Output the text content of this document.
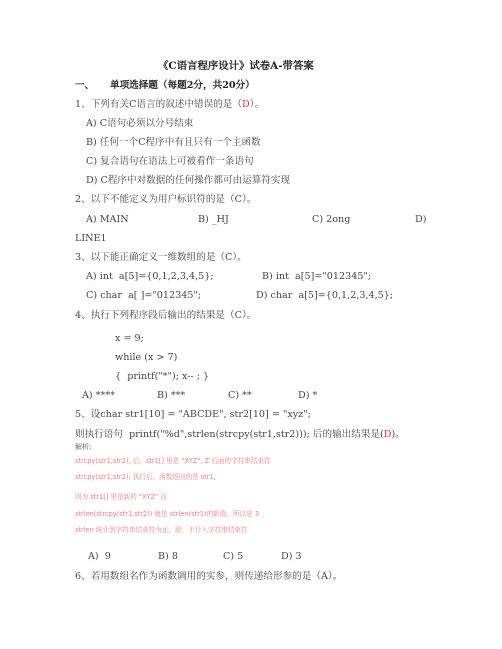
《C语言程序设计》试卷A-带答案
一、 单项选择题（每题2分，共20分）
1、下列有关C语言的叙述中错误的是（D）。
A) C语句必须以分号结束
B) 任何一个C程序中有且只有一个主函数
C) 复合语句在语法上可被看作一条语句
D) C程序中对数据的任何操作都可由运算符实现
2、以下不能定义为用户标识符的是（C）。
A) MAIN	B) _HJ	C) 2ong	D)
LINE1
3、以下能正确定义一维数组的是（C）。
A) int  a[5]={0,1,2,3,4,5};	B) int  a[5]="012345";
C) char  a[ ]="012345";	D) char  a[5]={0,1,2,3,4,5};
4、执行下列程序段后输出的结果是（C）。
x = 9;
while (x > 7)
{  printf("*"); x-- ; }
A) ****	B) ***	C) **	D) *
5、设char str1[10] = "ABCDE", str2[10] = "xyz";
则执行语句  printf("%d",strlen(strcpy(str1,str2))); 后的输出结果是(D)。
解析:
strcpy(str1,str2); 后，str1[] 里是 "XYZ", Z 后面的字符串结束符
strcpy(str1,str2); 执行后，函数返回的是 str1,
因为 str1[] 里是新的 "XYZ" 而
strlen(strcpy(str1,str2)) 就是 strlen(str1)的新值，所以是 3
strlen 统计到字符串结束符为止，即，不计入字符串结束符
A)  9	B) 8	C) 5	D) 3
6、若用数组名作为函数调用的实参，则传递给形参的是（A）。
